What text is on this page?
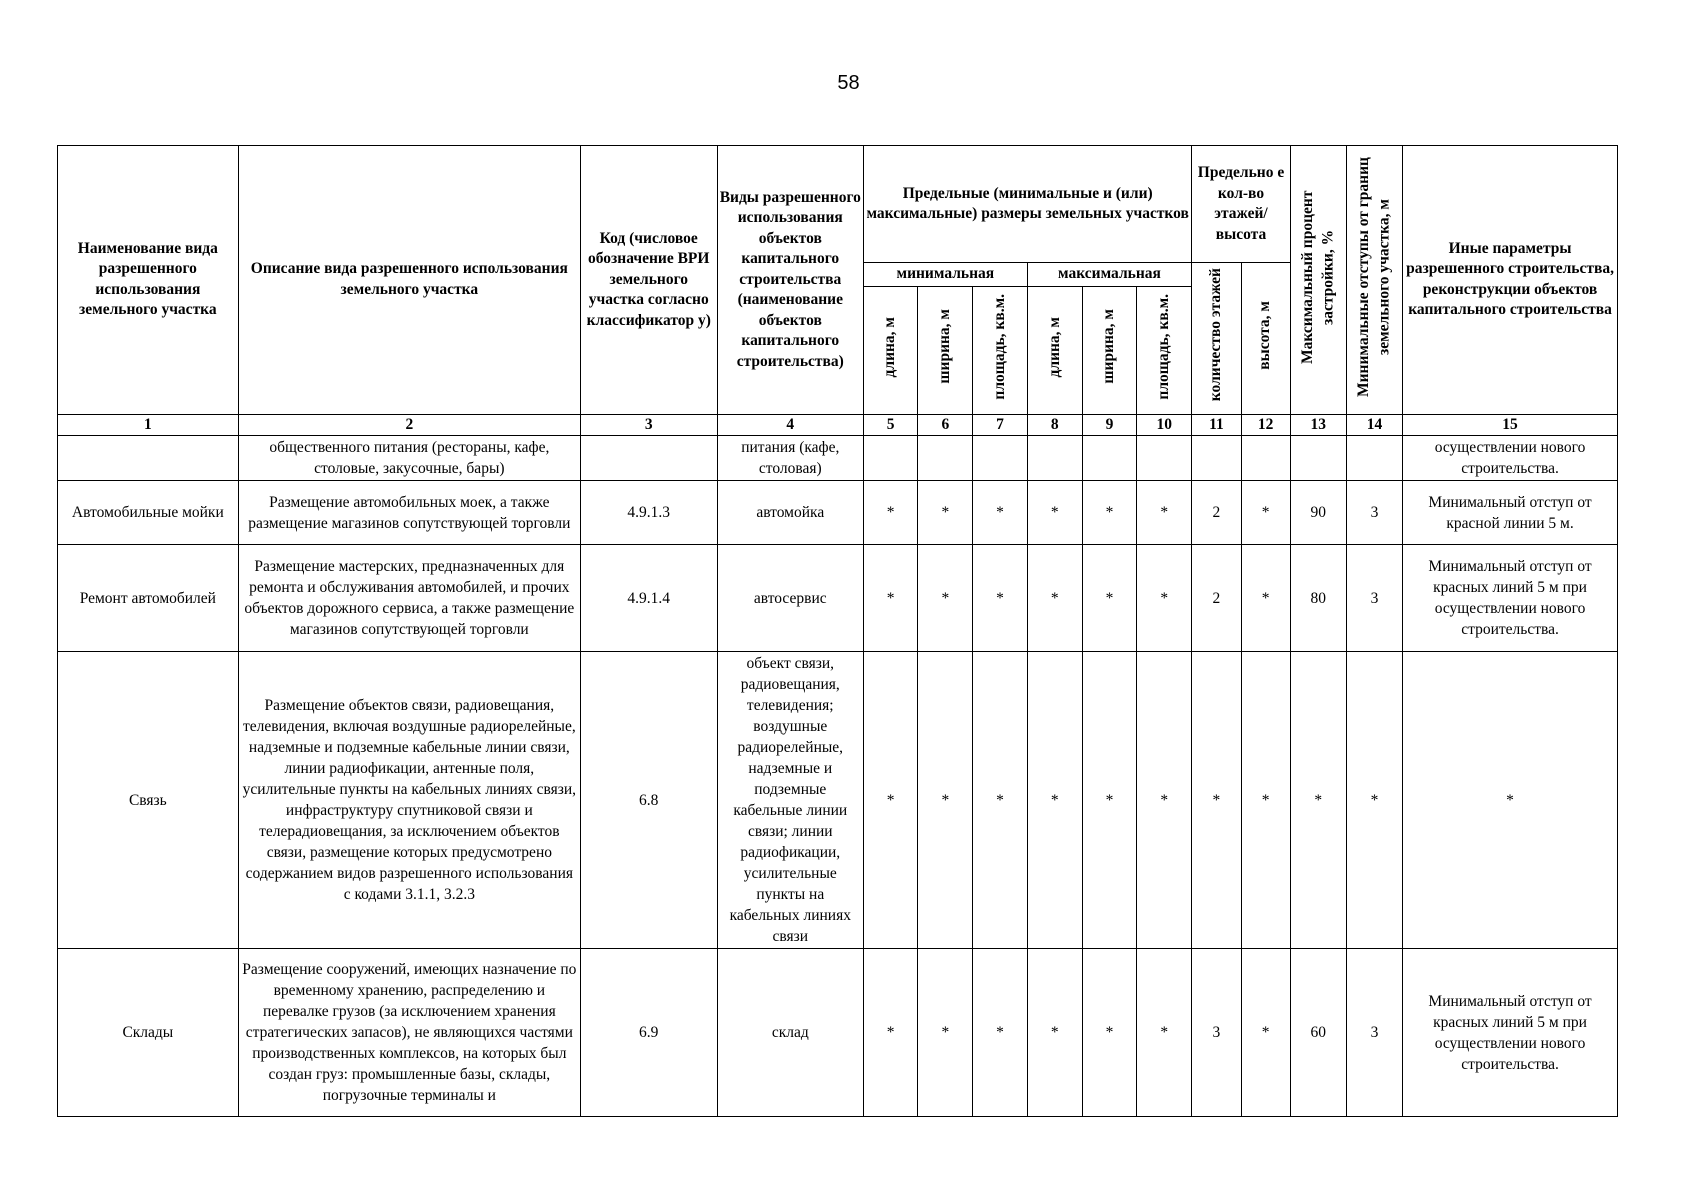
58
Наименование вида разрешенного использования земельного участка	Описание вида разрешенного использования земельного участка	Код (числовое обозначение ВРИ земельного участка согласно классификатор у)	Виды разрешенного использования объектов капитального строительства (наименование объектов капитального строительства)	Предельные (минимальные и (или) максимальные) размеры земельных участков						Предельно е кол-во этажей/ высота		Максимальный процент застройки, %	Минимальные отступы от границ земельного участка, м	Иные параметры разрешенного строительства, реконструкции объектов капитального строительства
				минимальная			максимальная			количество этажей	высота, м			
				длина, м	ширина, м	площадь, кв.м.	длина, м	ширина, м	площадь, кв.м.					
1	2	3	4	5	6	7	8	9	10	11	12	13	14	15
	общественного питания (рестораны, кафе, столовые, закусочные, бары)		питания (кафе, столовая)											осуществлении нового строительства.
Автомобильные мойки	Размещение автомобильных моек, а также размещение магазинов сопутствующей торговли	4.9.1.3	автомойка	*	*	*	*	*	*	2	*	90	3	Минимальный отступ от красной линии 5 м.
Ремонт автомобилей	Размещение мастерских, предназначенных для ремонта и обслуживания автомобилей, и прочих объектов дорожного сервиса, а также размещение магазинов сопутствующей торговли	4.9.1.4	автосервис	*	*	*	*	*	*	2	*	80	3	Минимальный отступ от красных линий 5 м при осуществлении нового строительства.
Связь	Размещение объектов связи, радиовещания, телевидения, включая воздушные радиорелейные, надземные и подземные кабельные линии связи, линии радиофикации, антенные поля, усилительные пункты на кабельных линиях связи, инфраструктуру спутниковой связи и телерадиовещания, за исключением объектов связи, размещение которых предусмотрено содержанием видов разрешенного использования с кодами 3.1.1, 3.2.3	6.8	объект связи, радиовещания, телевидения; воздушные радиорелейные, надземные и подземные кабельные линии связи; линии радиофикации, усилительные пункты на кабельных линиях связи	*	*	*	*	*	*	*	*	*	*	*
Склады	Размещение сооружений, имеющих назначение по временному хранению, распределению и перевалке грузов (за исключением хранения стратегических запасов), не являющихся частями производственных комплексов, на которых был создан груз: промышленные базы, склады, погрузочные терминалы и	6.9	склад	*	*	*	*	*	*	3	*	60	3	Минимальный отступ от красных линий 5 м при осуществлении нового строительства.
